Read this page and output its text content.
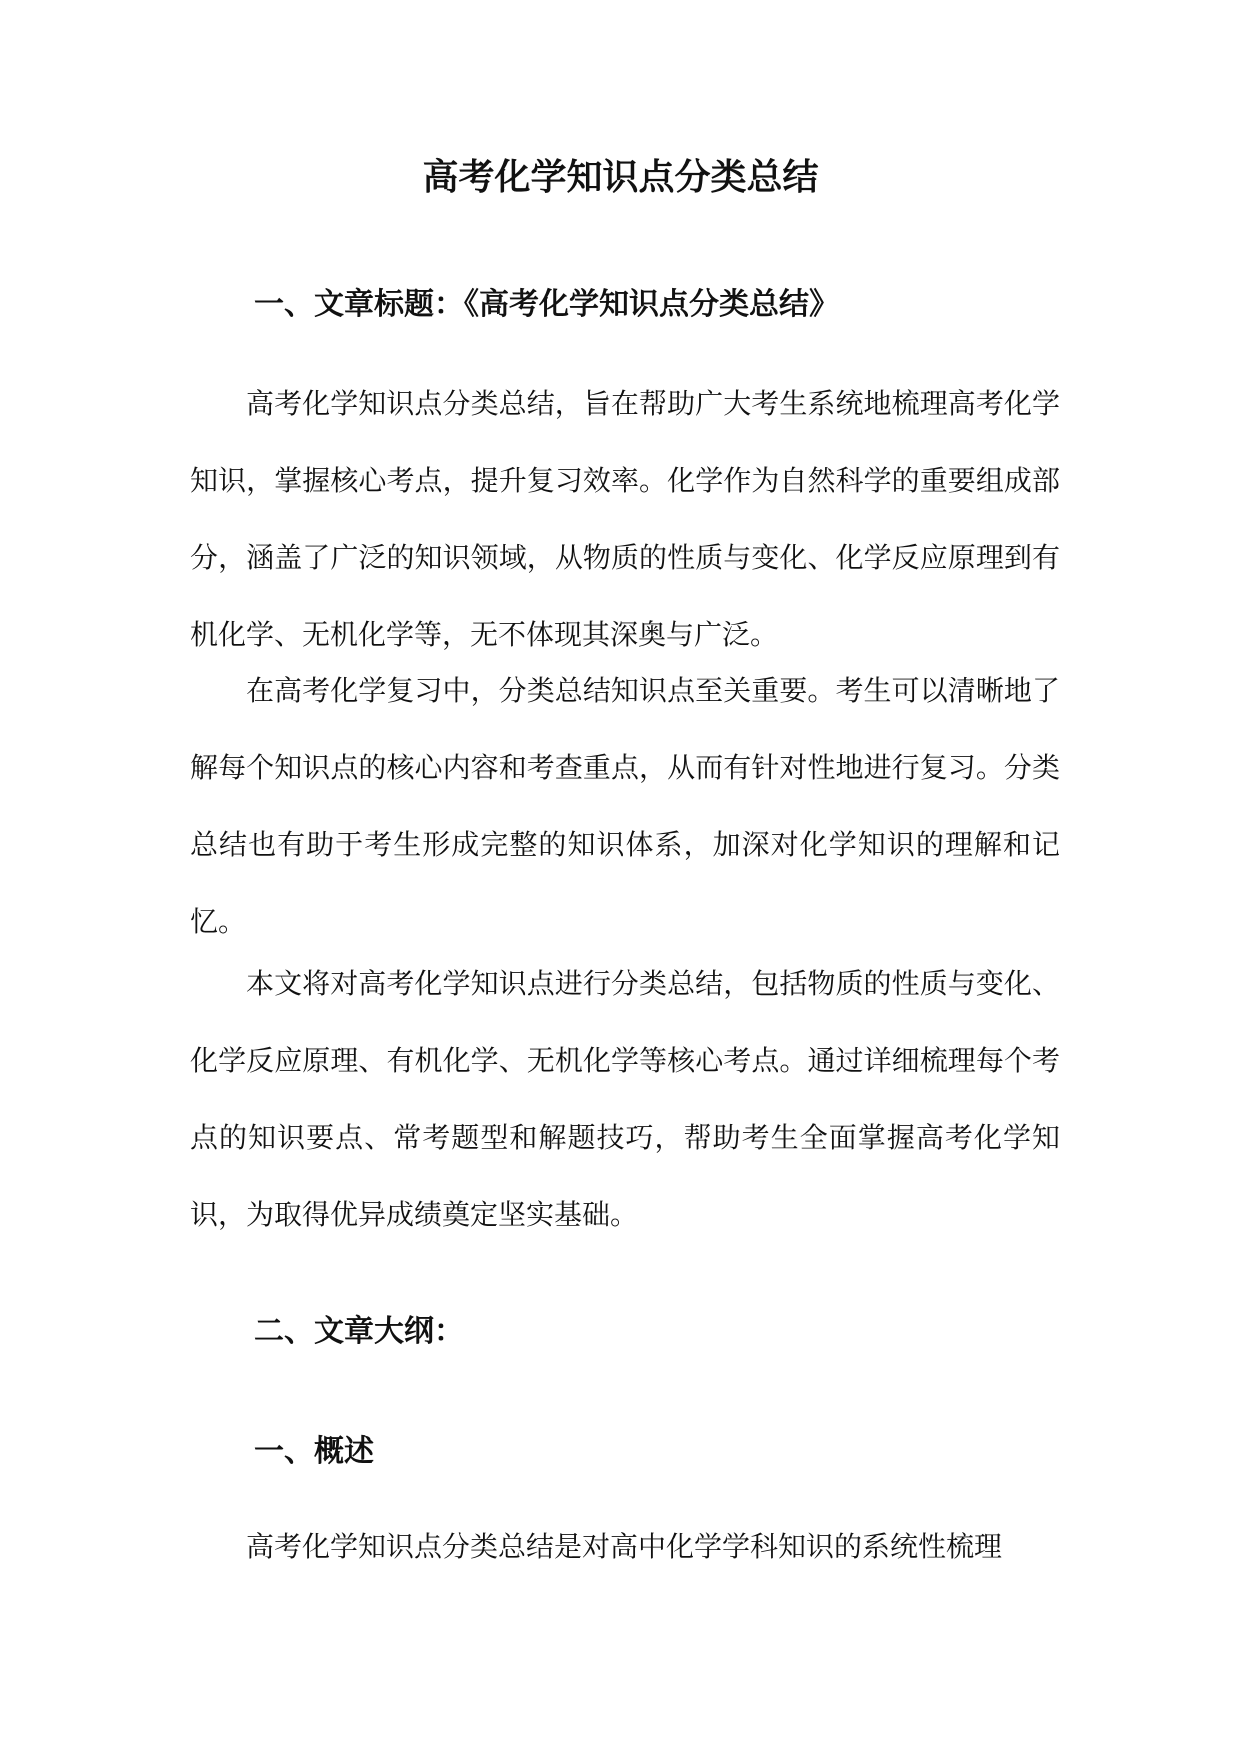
高考化学知识点分类总结
一、文章标题：《高考化学知识点分类总结》

高考化学知识点分类总结，旨在帮助广大考生系统地梳理高考化学知识，掌握核心考点，提升复习效率。化学作为自然科学的重要组成部分，涵盖了广泛的知识领域，从物质的性质与变化、化学反应原理到有机化学、无机化学等，无不体现其深奥与广泛。

在高考化学复习中，分类总结知识点至关重要。考生可以清晰地了解每个知识点的核心内容和考查重点，从而有针对性地进行复习。分类总结也有助于考生形成完整的知识体系，加深对化学知识的理解和记忆。

本文将对高考化学知识点进行分类总结，包括物质的性质与变化、化学反应原理、有机化学、无机化学等核心考点。通过详细梳理每个考点的知识要点、常考题型和解题技巧，帮助考生全面掌握高考化学知识，为取得优异成绩奠定坚实基础。

二、文章大纲：
一、概述

高考化学知识点分类总结是对高中化学学科知识的系统性梳理
